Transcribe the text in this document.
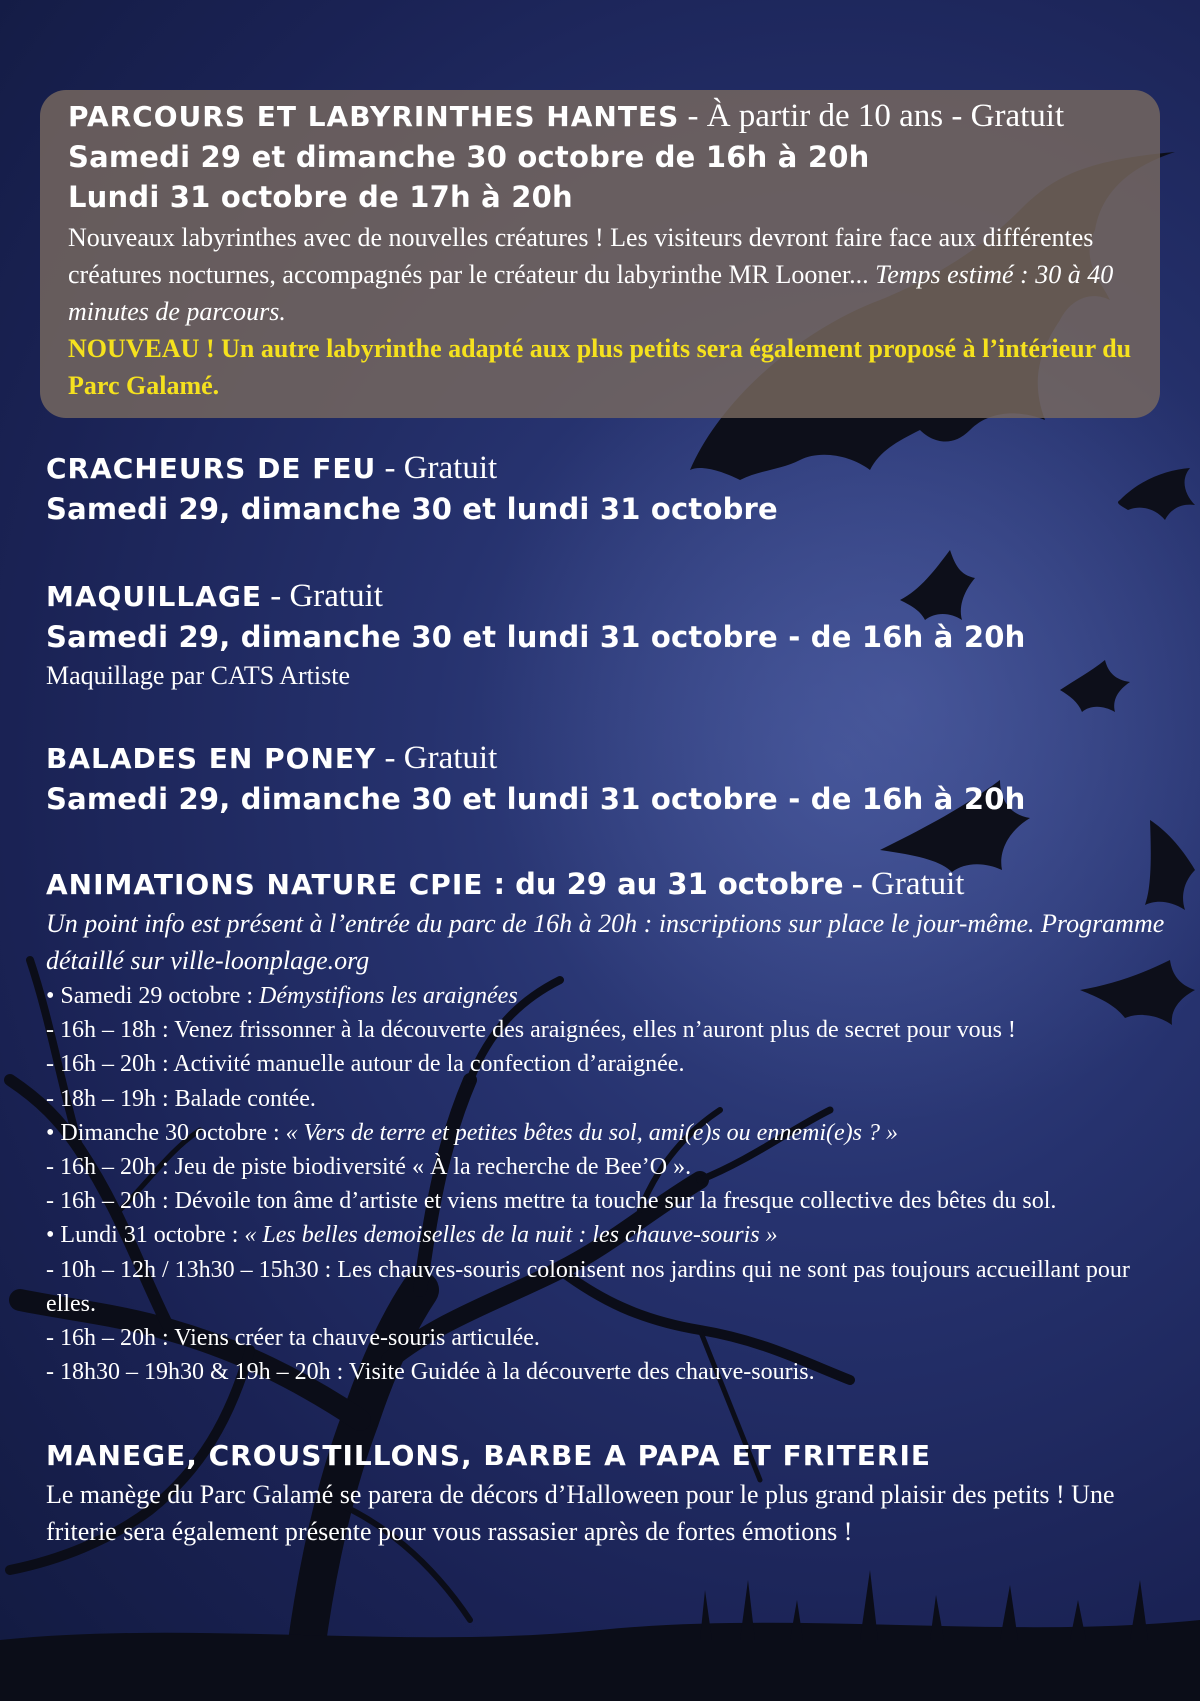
PARCOURS ET LABYRINTHES HANTES - À partir de 10 ans - Gratuit
Samedi 29 et dimanche 30 octobre de 16h à 20h
Lundi 31 octobre de 17h à 20h
Nouveaux labyrinthes avec de nouvelles créatures ! Les visiteurs devront faire face aux différentes créatures nocturnes, accompagnés par le créateur du labyrinthe MR Looner... Temps estimé : 30 à 40 minutes de parcours.
NOUVEAU ! Un autre labyrinthe adapté aux plus petits sera également proposé à l’intérieur du Parc Galamé.
CRACHEURS DE FEU - Gratuit
Samedi 29, dimanche 30 et lundi 31 octobre
MAQUILLAGE - Gratuit
Samedi 29, dimanche 30 et lundi 31 octobre - de 16h à 20h
Maquillage par CATS Artiste
BALADES EN PONEY - Gratuit
Samedi 29, dimanche 30 et lundi 31 octobre - de 16h à 20h
ANIMATIONS NATURE CPIE : du 29 au 31 octobre - Gratuit
Un point info est présent à l’entrée du parc de 16h à 20h : inscriptions sur place le jour-même. Programme détaillé sur ville-loonplage.org
• Samedi 29 octobre : Démystifions les araignées
- 16h – 18h : Venez frissonner à la découverte des araignées, elles n’auront plus de secret pour vous !
- 16h – 20h : Activité manuelle autour de la confection d’araignée.
- 18h – 19h : Balade contée.
• Dimanche 30 octobre : « Vers de terre et petites bêtes du sol, ami(e)s ou ennemi(e)s ? »
- 16h – 20h : Jeu de piste biodiversité « À la recherche de Bee’O ».
- 16h – 20h : Dévoile ton âme d’artiste et viens mettre ta touche sur la fresque collective des bêtes du sol.
• Lundi 31 octobre : « Les belles demoiselles de la nuit : les chauve-souris »
- 10h – 12h / 13h30 – 15h30 : Les chauves-souris colonisent nos jardins qui ne sont pas toujours accueillant pour elles.
- 16h – 20h : Viens créer ta chauve-souris articulée.
- 18h30 – 19h30 & 19h – 20h : Visite Guidée à la découverte des chauve-souris.
MANEGE, CROUSTILLONS, BARBE A PAPA ET FRITERIE
Le manège du Parc Galamé se parera de décors d’Halloween pour le plus grand plaisir des petits ! Une friterie sera également présente pour vous rassasier après de fortes émotions !
